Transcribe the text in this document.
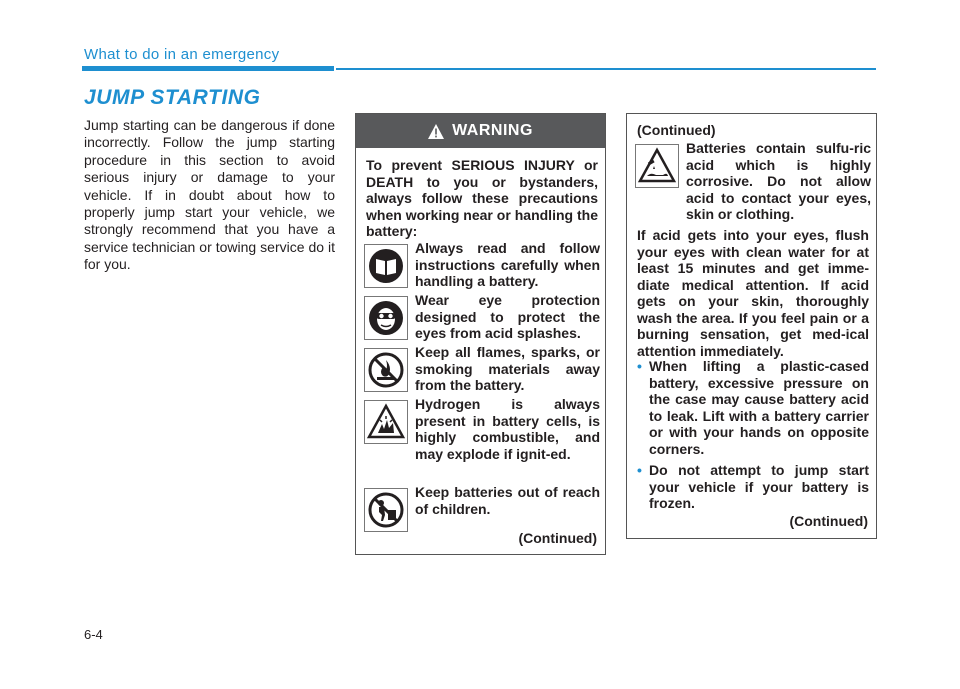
What to do in an emergency
JUMP STARTING
Jump starting can be dangerous if done incorrectly. Follow the jump starting procedure in this section to avoid serious injury or damage to your vehicle. If in doubt about how to properly jump start your vehicle, we strongly recommend that you have a service technician or towing service do it for you.
WARNING
To prevent SERIOUS INJURY or DEATH to you or bystanders, always follow these precautions when working near or handling the battery:
Always read and follow instructions carefully when handling a battery.
Wear eye protection designed to protect the eyes from acid splashes.
Keep all flames, sparks, or smoking materials away from the battery.
Hydrogen is always present in battery cells, is highly combustible, and may explode if ignit-ed.
Keep batteries out of reach of children.
(Continued)
(Continued)
Batteries contain sulfu-ric acid which is highly corrosive. Do not allow acid to contact your eyes, skin or clothing.
If acid gets into your eyes, flush your eyes with clean water for at least 15 minutes and get imme-diate medical attention. If acid gets on your skin, thoroughly wash the area. If you feel pain or a burning sensation, get med-ical attention immediately.
• When lifting a plastic-cased battery, excessive pressure on the case may cause battery acid to leak. Lift with a battery carrier or with your hands on opposite corners.
• Do not attempt to jump start your vehicle if your battery is frozen.
(Continued)
6-4
